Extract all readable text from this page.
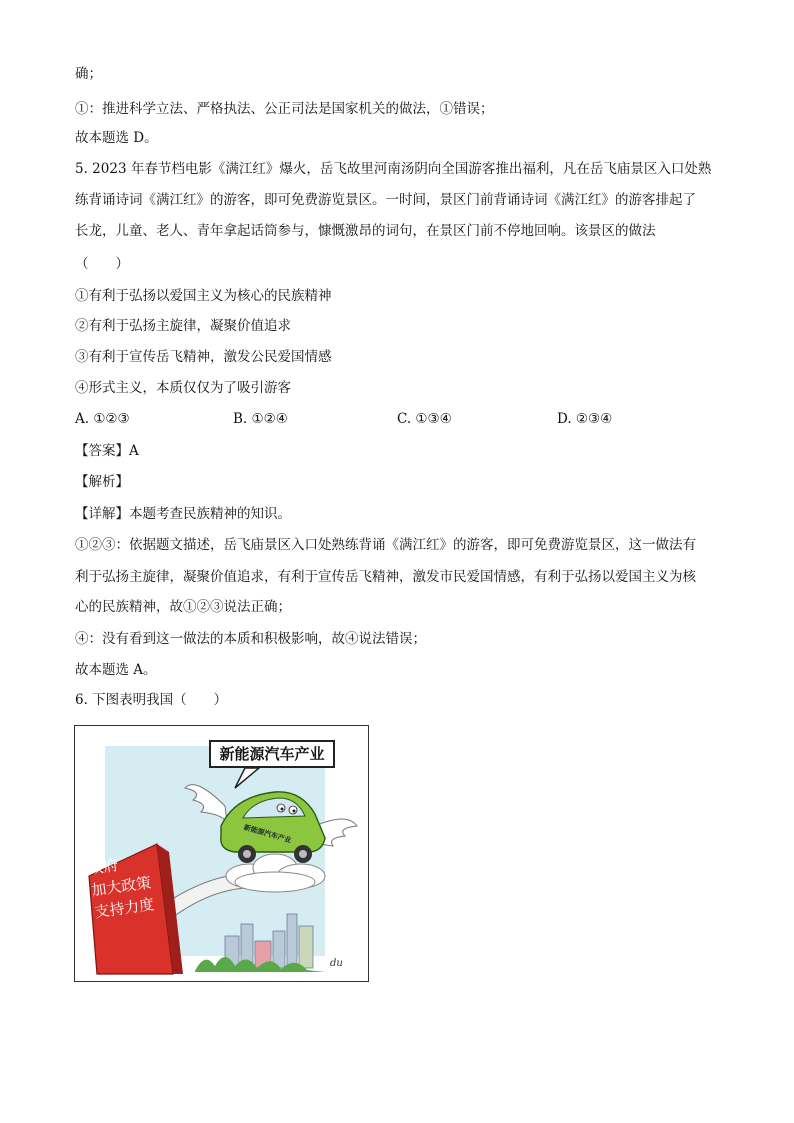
确；
①：推进科学立法、严格执法、公正司法是国家机关的做法，①错误；
故本题选 D。
5. 2023 年春节档电影《满江红》爆火，岳飞故里河南汤阴向全国游客推出福利，凡在岳飞庙景区入口处熟
练背诵诗词《满江红》的游客，即可免费游览景区。一时间，景区门前背诵诗词《满江红》的游客排起了
长龙，儿童、老人、青年拿起话筒参与，慷慨激昂的词句，在景区门前不停地回响。该景区的做法
（　　）
①有利于弘扬以爱国主义为核心的民族精神
②有利于弘扬主旋律，凝聚价值追求
③有利于宣传岳飞精神，激发公民爱国情感
④形式主义，本质仅仅为了吸引游客
A. ①②③	B. ①②④	C. ①③④	D. ②③④
【答案】A
【解析】
【详解】本题考查民族精神的知识。
①②③：依据题文描述，岳飞庙景区入口处熟练背诵《满江红》的游客，即可免费游览景区，这一做法有
利于弘扬主旋律，凝聚价值追求，有利于宣传岳飞精神，激发市民爱国情感，有利于弘扬以爱国主义为核
心的民族精神，故①②③说法正确；
④：没有看到这一做法的本质和积极影响，故④说法错误；
故本题选 A。
6. 下图表明我国（　　）
新能源汽车产业
新能源汽车产业
政府
加大政策
支持力度
du
